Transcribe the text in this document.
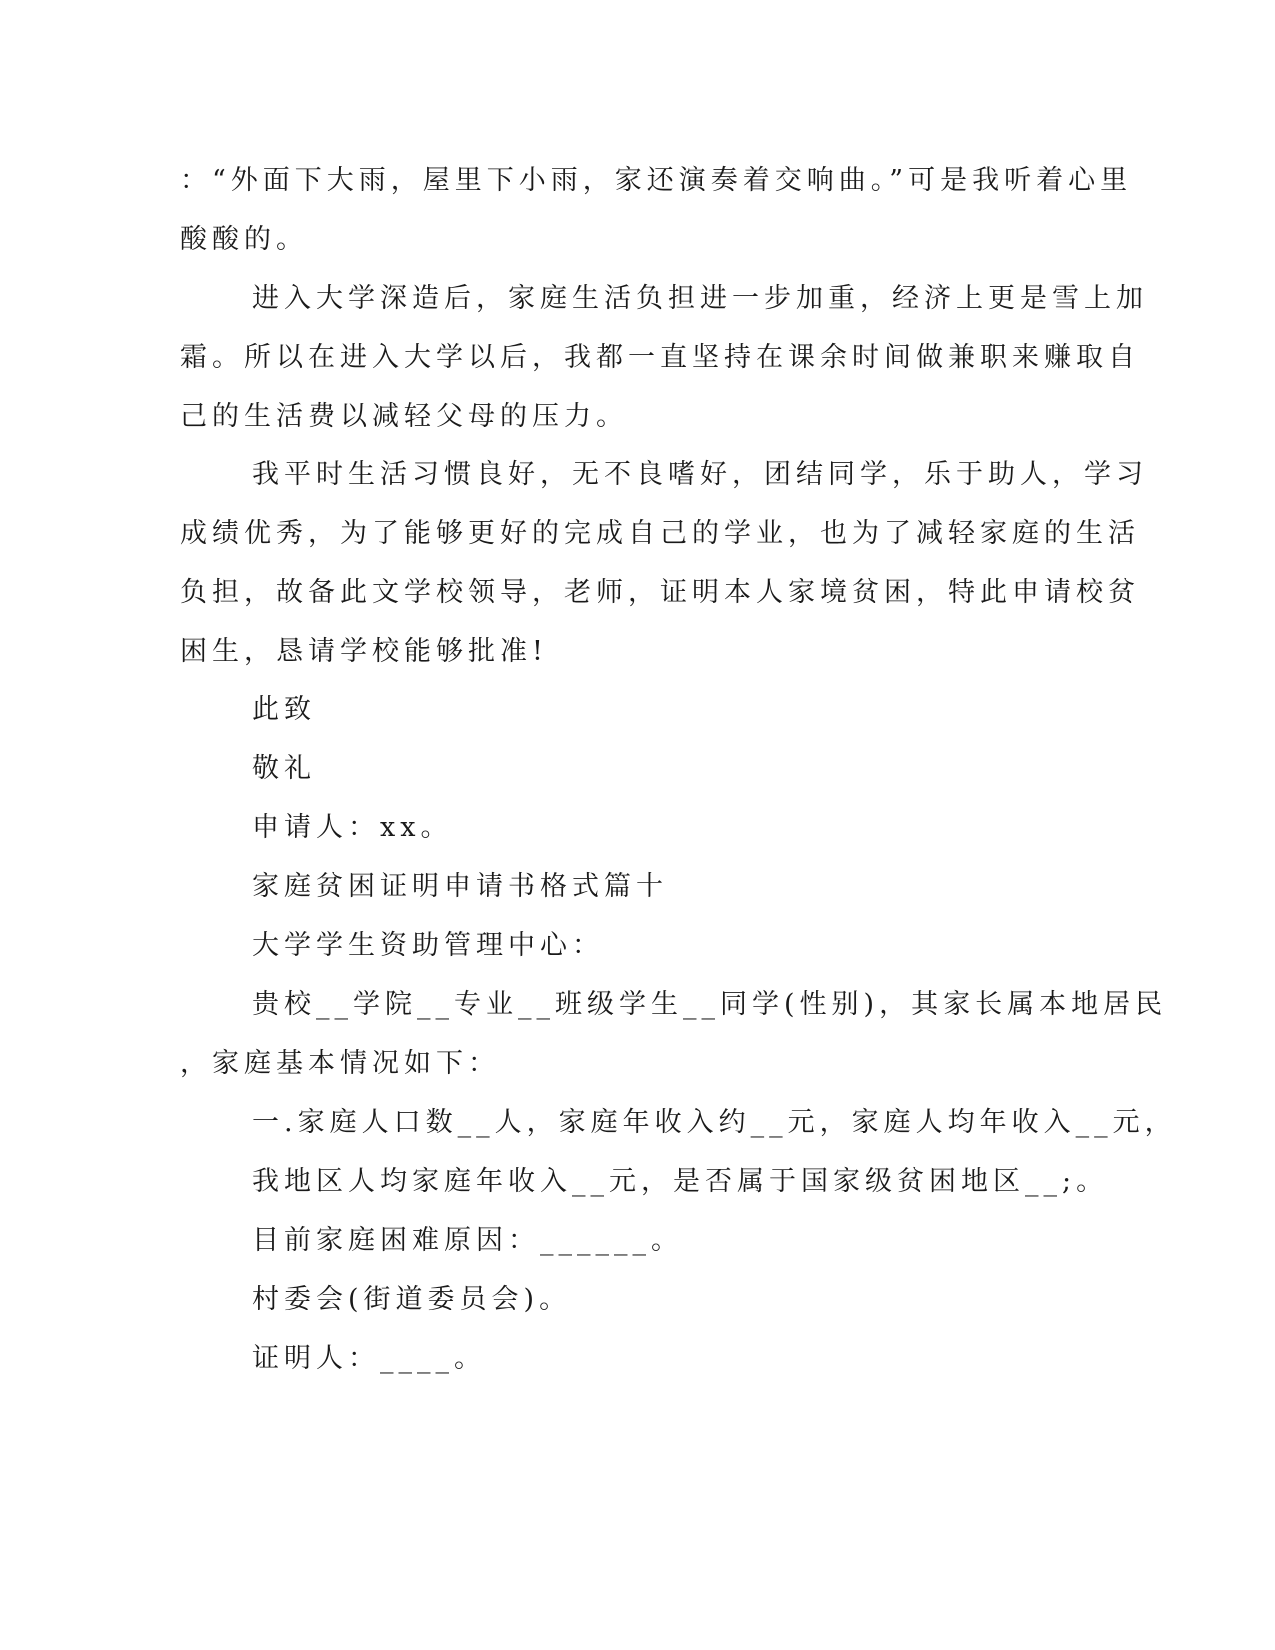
：“外面下大雨，屋里下小雨，家还演奏着交响曲。”可是我听着心里
酸酸的。
进入大学深造后，家庭生活负担进一步加重，经济上更是雪上加
霜。所以在进入大学以后，我都一直坚持在课余时间做兼职来赚取自
己的生活费以减轻父母的压力。
我平时生活习惯良好，无不良嗜好，团结同学，乐于助人，学习
成绩优秀，为了能够更好的完成自己的学业，也为了减轻家庭的生活
负担，故备此文学校领导，老师，证明本人家境贫困，特此申请校贫
困生，恳请学校能够批准!
此致
敬礼
申请人：xx。
家庭贫困证明申请书格式篇十
大学学生资助管理中心：
贵校__学院__专业__班级学生__同学(性别)，其家长属本地居民
，家庭基本情况如下：
一.家庭人口数__人，家庭年收入约__元，家庭人均年收入__元，
我地区人均家庭年收入__元，是否属于国家级贫困地区__;。
目前家庭困难原因：______。
村委会(街道委员会)。
证明人：____。
